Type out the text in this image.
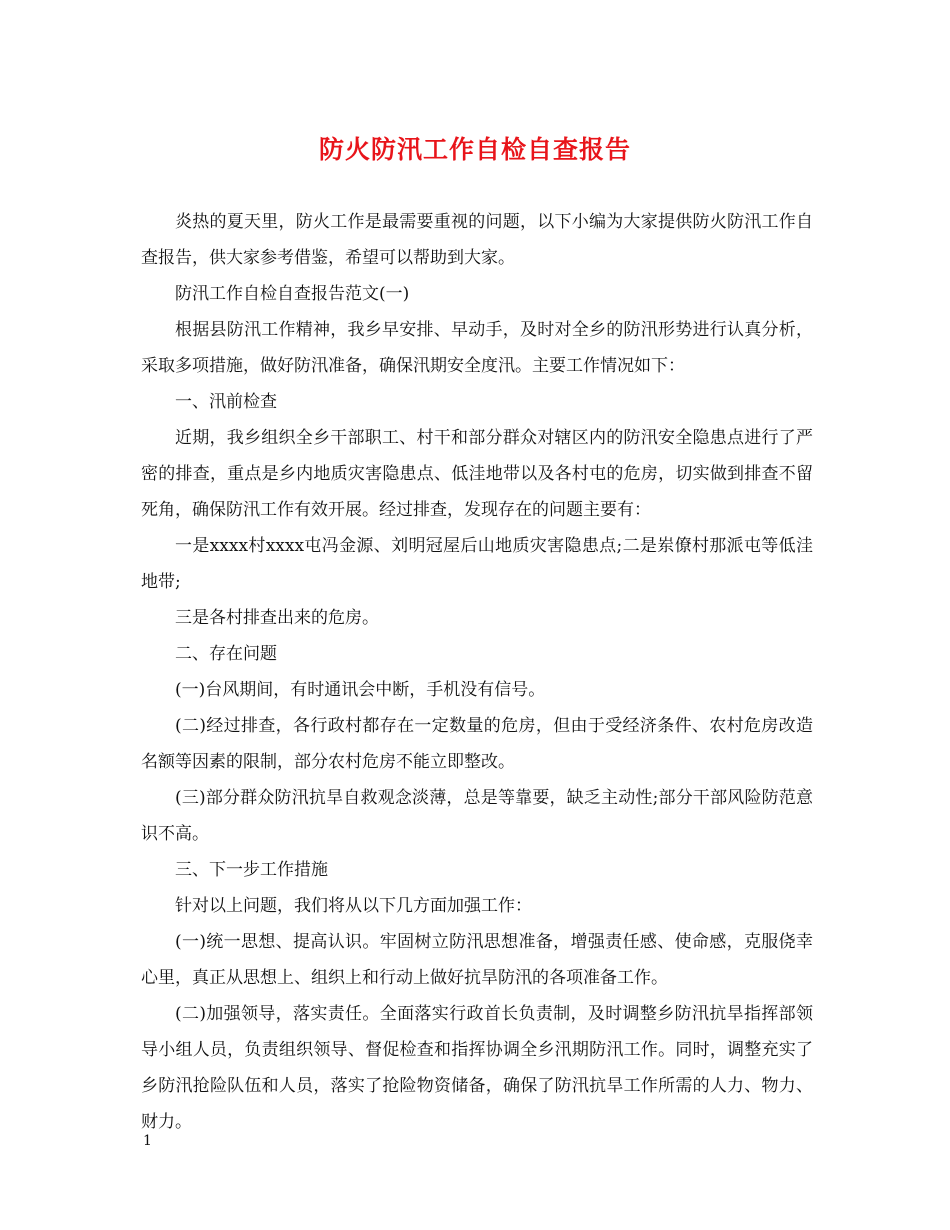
防火防汛工作自检自查报告

炎热的夏天里，防火工作是最需要重视的问题，以下小编为大家提供防火防汛工作自查报告，供大家参考借鉴，希望可以帮助到大家。

防汛工作自检自查报告范文(一)

根据县防汛工作精神，我乡早安排、早动手，及时对全乡的防汛形势进行认真分析，采取多项措施，做好防汛准备，确保汛期安全度汛。主要工作情况如下：

一、汛前检查

近期，我乡组织全乡干部职工、村干和部分群众对辖区内的防汛安全隐患点进行了严密的排查，重点是乡内地质灾害隐患点、低洼地带以及各村屯的危房，切实做到排查不留死角，确保防汛工作有效开展。经过排查，发现存在的问题主要有：

一是xxxx村xxxx屯冯金源、刘明冠屋后山地质灾害隐患点;二是岽僚村那派屯等低洼地带;

三是各村排查出来的危房。

二、存在问题

(一)台风期间，有时通讯会中断，手机没有信号。

(二)经过排查，各行政村都存在一定数量的危房，但由于受经济条件、农村危房改造名额等因素的限制，部分农村危房不能立即整改。

(三)部分群众防汛抗旱自救观念淡薄，总是等靠要，缺乏主动性;部分干部风险防范意识不高。

三、下一步工作措施

针对以上问题，我们将从以下几方面加强工作：

(一)统一思想、提高认识。牢固树立防汛思想准备，增强责任感、使命感，克服侥幸心里，真正从思想上、组织上和行动上做好抗旱防汛的各项准备工作。

(二)加强领导，落实责任。全面落实行政首长负责制，及时调整乡防汛抗旱指挥部领导小组人员，负责组织领导、督促检查和指挥协调全乡汛期防汛工作。同时，调整充实了乡防汛抢险队伍和人员，落实了抢险物资储备，确保了防汛抗旱工作所需的人力、物力、财力。

1
